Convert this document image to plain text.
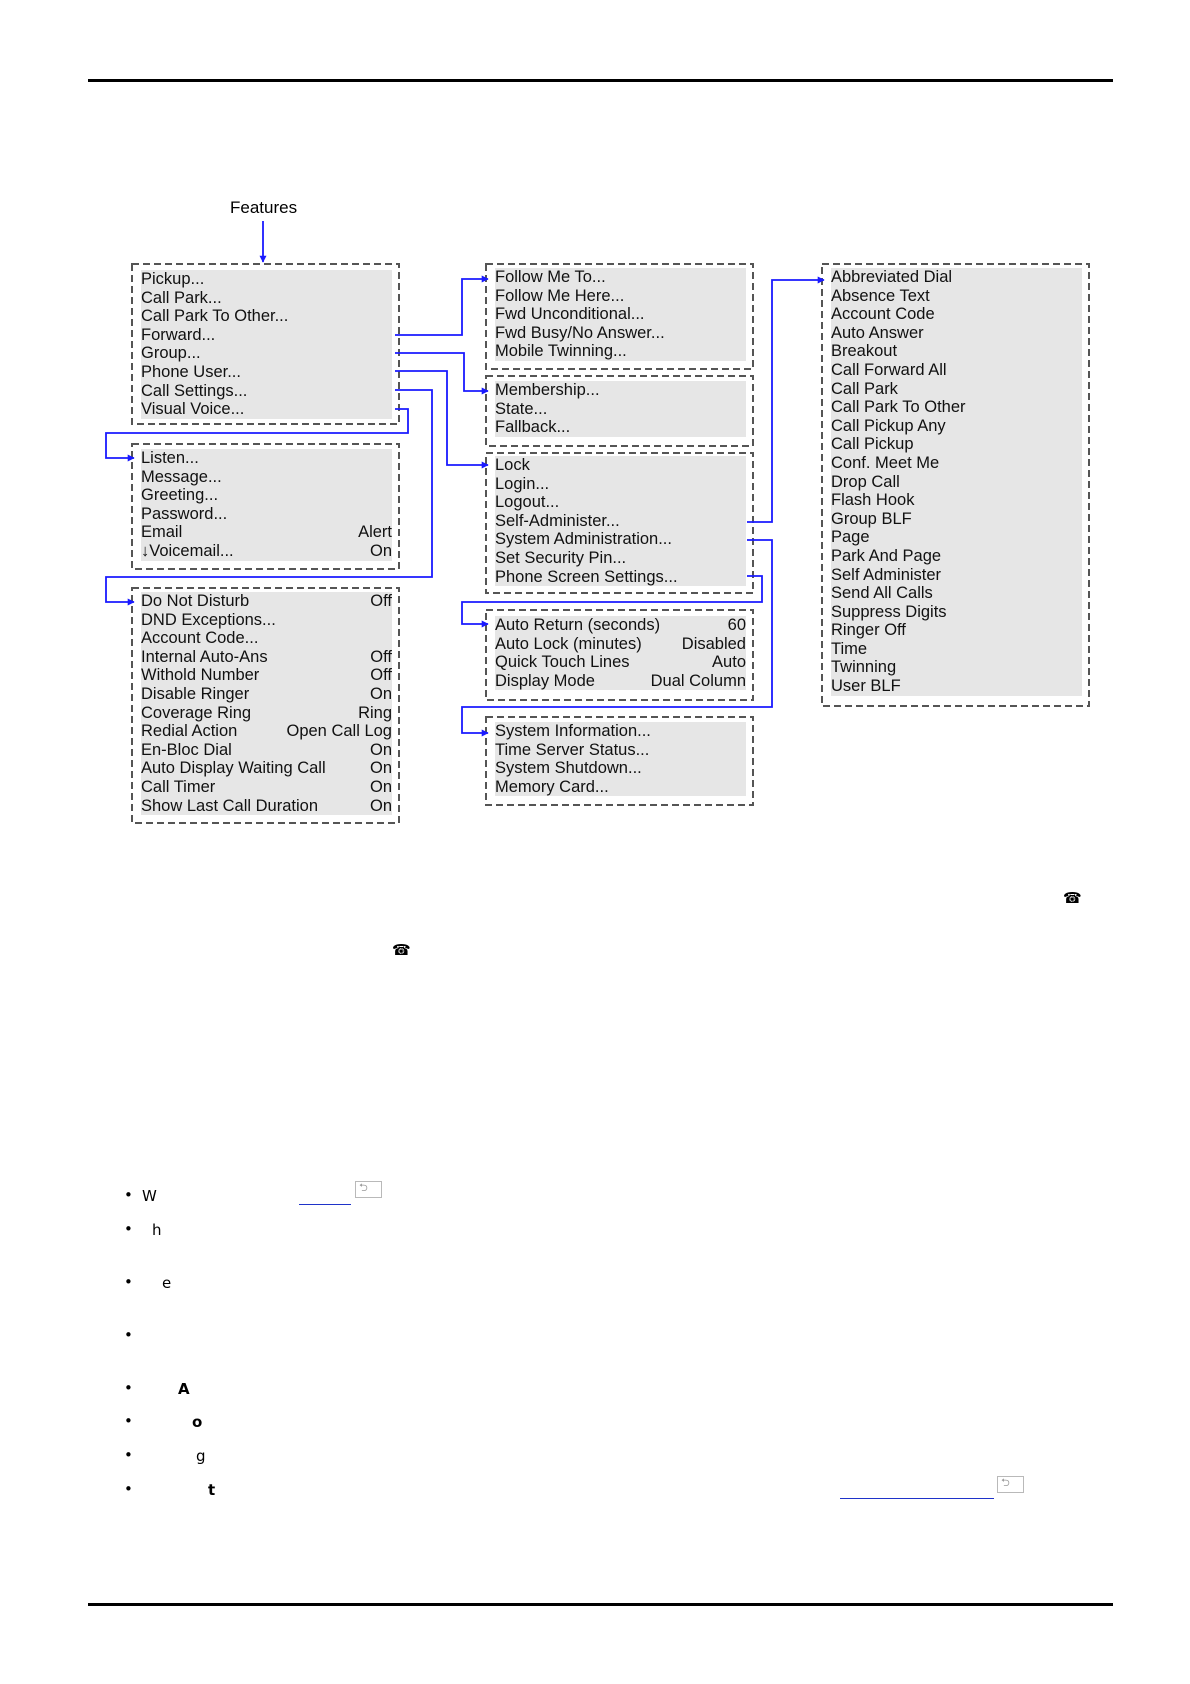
Features
Pickup...
Call Park...
Call Park To Other...
Forward...
Group...
Phone User...
Call Settings...
Visual Voice...
Listen...
Message...
Greeting...
Password...
Email	Alert
↓Voicemail...	On
Do Not Disturb	Off
DND Exceptions...
Account Code...
Internal Auto-Ans	Off
Withold Number	Off
Disable Ringer	On
Coverage Ring	Ring
Redial Action	Open Call Log
En-Bloc Dial	On
Auto Display Waiting Call	On
Call Timer	On
Show Last Call Duration	On
Follow Me To...
Follow Me Here...
Fwd Unconditional...
Fwd Busy/No Answer...
Mobile Twinning...
Membership...
State...
Fallback...
Lock
Login...
Logout...
Self-Administer...
System Administration...
Set Security Pin...
Phone Screen Settings...
Auto Return (seconds)	60
Auto Lock (minutes) Disabled
Quick Touch Lines	Auto
Display Mode	Dual Column
System Information...
Time Server Status...
System Shutdown...
Memory Card...
Abbreviated Dial
Absence Text
Account Code
Auto Answer
Breakout
Call Forward All
Call Park
Call Park To Other
Call Pickup Any
Call Pickup
Conf. Meet Me
Drop Call
Flash Hook
Group BLF
Page
Park And Page
Self Administer
Send All Calls
Suppress Digits
Ringer Off
Time
Twinning
User BLF
☎
☎
• W	⮌
• h
• e
•
•	A
•	o
•	g
•	t	⮌
